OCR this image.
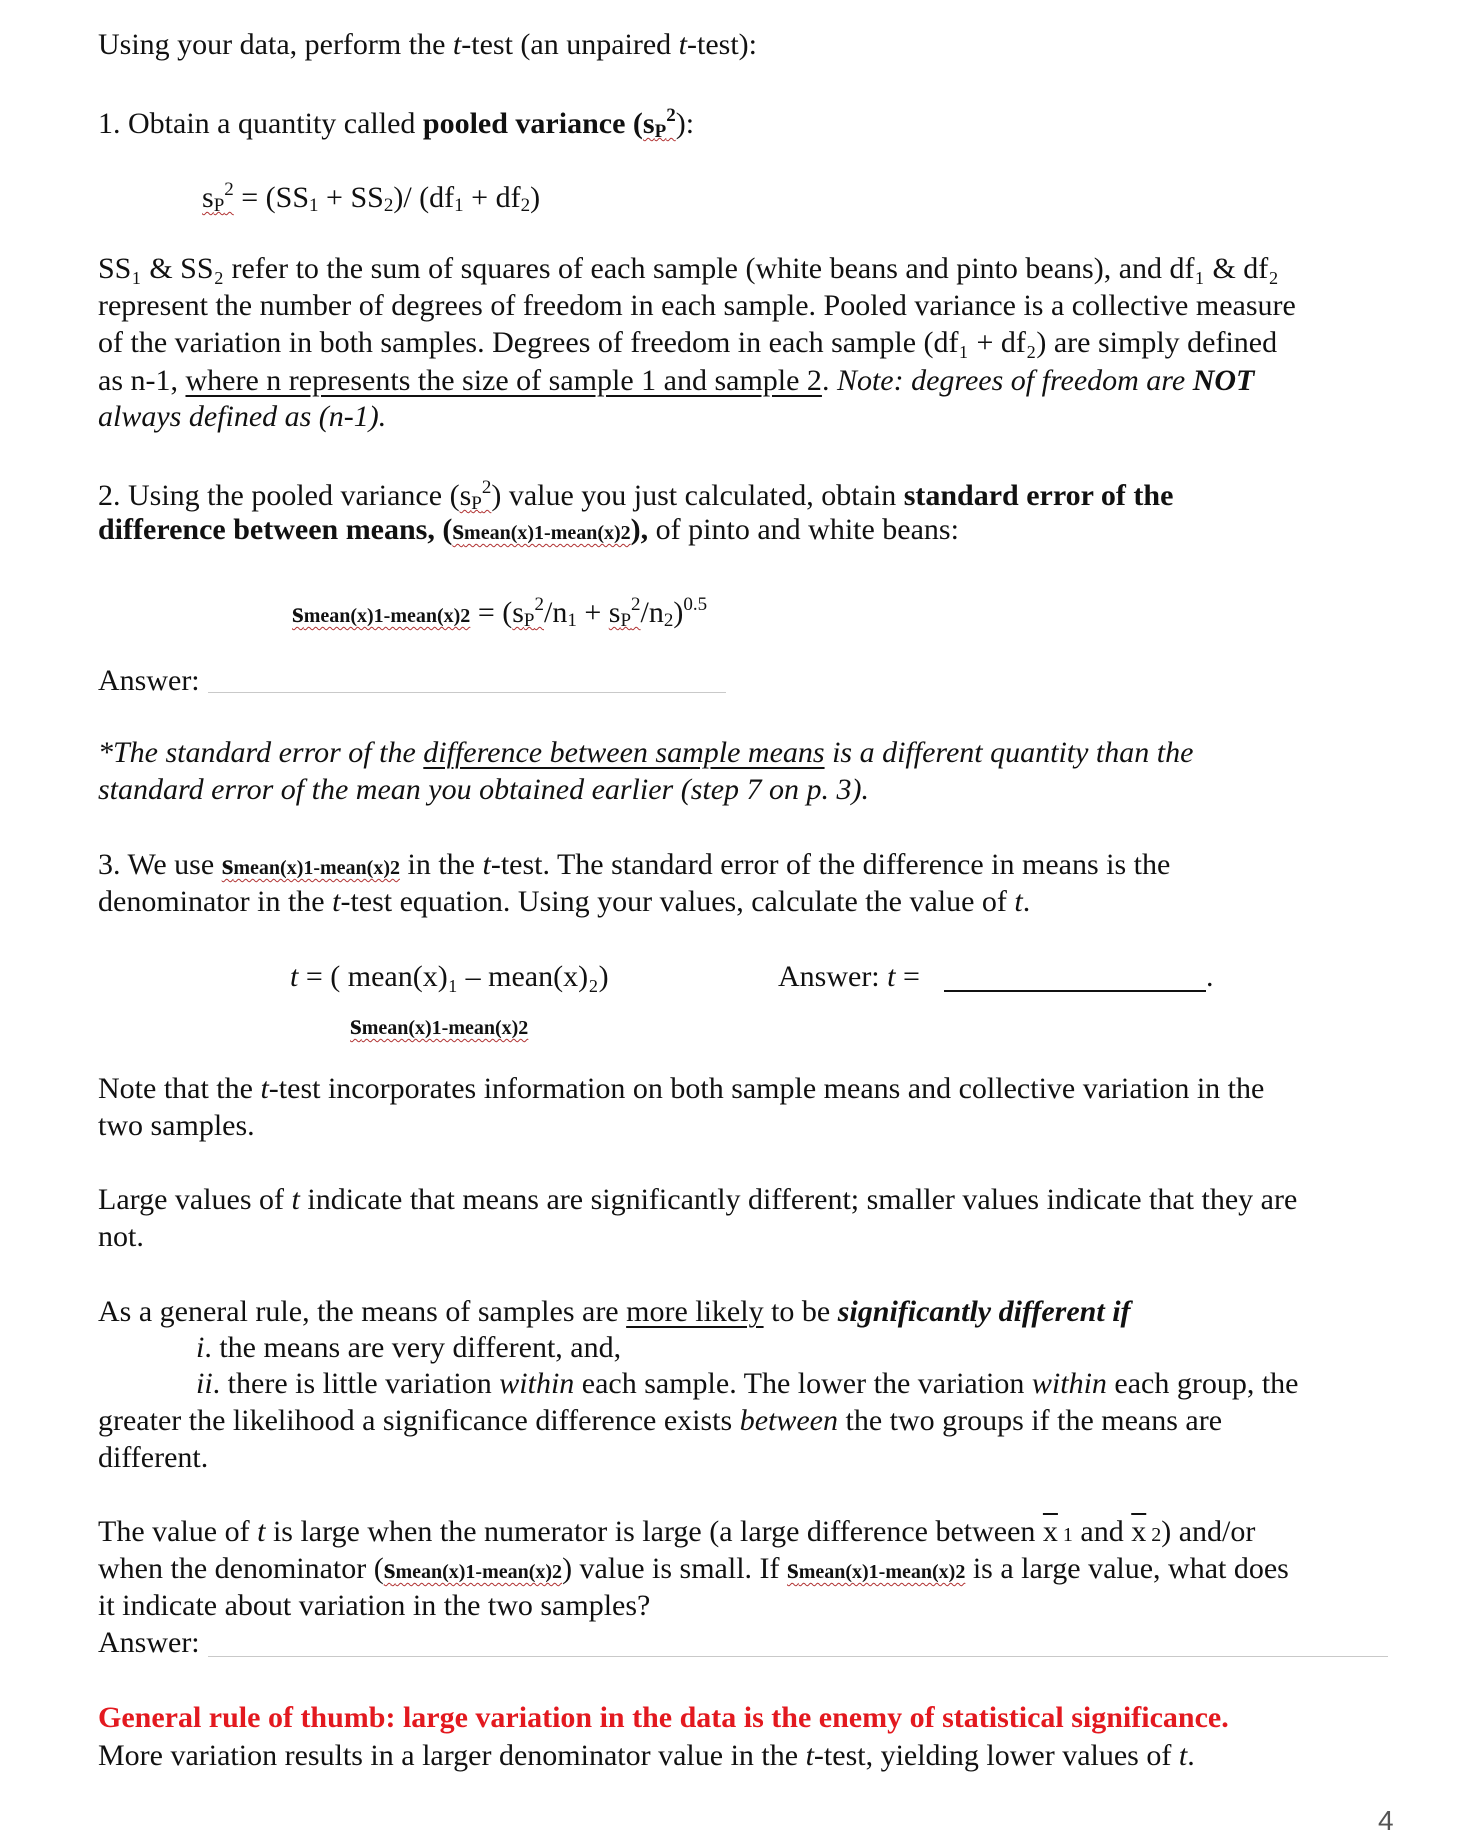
Using your data, perform the t-test (an unpaired t-test):
1. Obtain a quantity called pooled variance $(s_P^2)$:
$s_P^2 = (SS_1 + SS_2)/$ $(df_1 + df_2)$
SS₁ & SS₂ refer to the sum of squares of each sample (white beans and pinto beans), and df₁ & df₂
represent the number of degrees of freedom in each sample. Pooled variance is a collective measure
of the variation in both samples. Degrees of freedom in each sample (df₁ + df₂) are simply defined
as n-1, where n represents the size of sample 1 and sample 2. Note: degrees of freedom are NOT
always defined as (n-1).
2. Using the pooled variance $(s_P^2)$ value you just calculated, obtain standard error of the
difference between means, (smean(x)1-mean(x)2), of pinto and white beans:
smean(x)1-mean(x)2 = $(s_P^2/n_1 + s_P^2/n_2)^{0.5}$
Answer:
*The standard error of the difference between sample means is a different quantity than the
standard error of the mean you obtained earlier (step 7 on p. 3).
3. We use smean(x)1-mean(x)2 in the t-test. The standard error of the difference in means is the
denominator in the t-test equation. Using your values, calculate the value of t.
t = ( mean(x)₁ – mean(x)₂)
smean(x)1-mean(x)2
Answer: t =	.
Note that the t-test incorporates information on both sample means and collective variation in the
two samples.
Large values of t indicate that means are significantly different; smaller values indicate that they are
not.
As a general rule, the means of samples are more likely to be significantly different if
i. the means are very different, and,
ii. there is little variation within each sample. The lower the variation within each group, the
greater the likelihood a significance difference exists between the two groups if the means are
different.
The value of t is large when the numerator is large (a large difference between $\overline{x}$ 1 and $\overline{x}$ 2) and/or
when the denominator (smean(x)1-mean(x)2) value is small. If smean(x)1-mean(x)2 is a large value, what does
it indicate about variation in the two samples?
Answer:
General rule of thumb: large variation in the data is the enemy of statistical significance.
More variation results in a larger denominator value in the t-test, yielding lower values of t.
4
